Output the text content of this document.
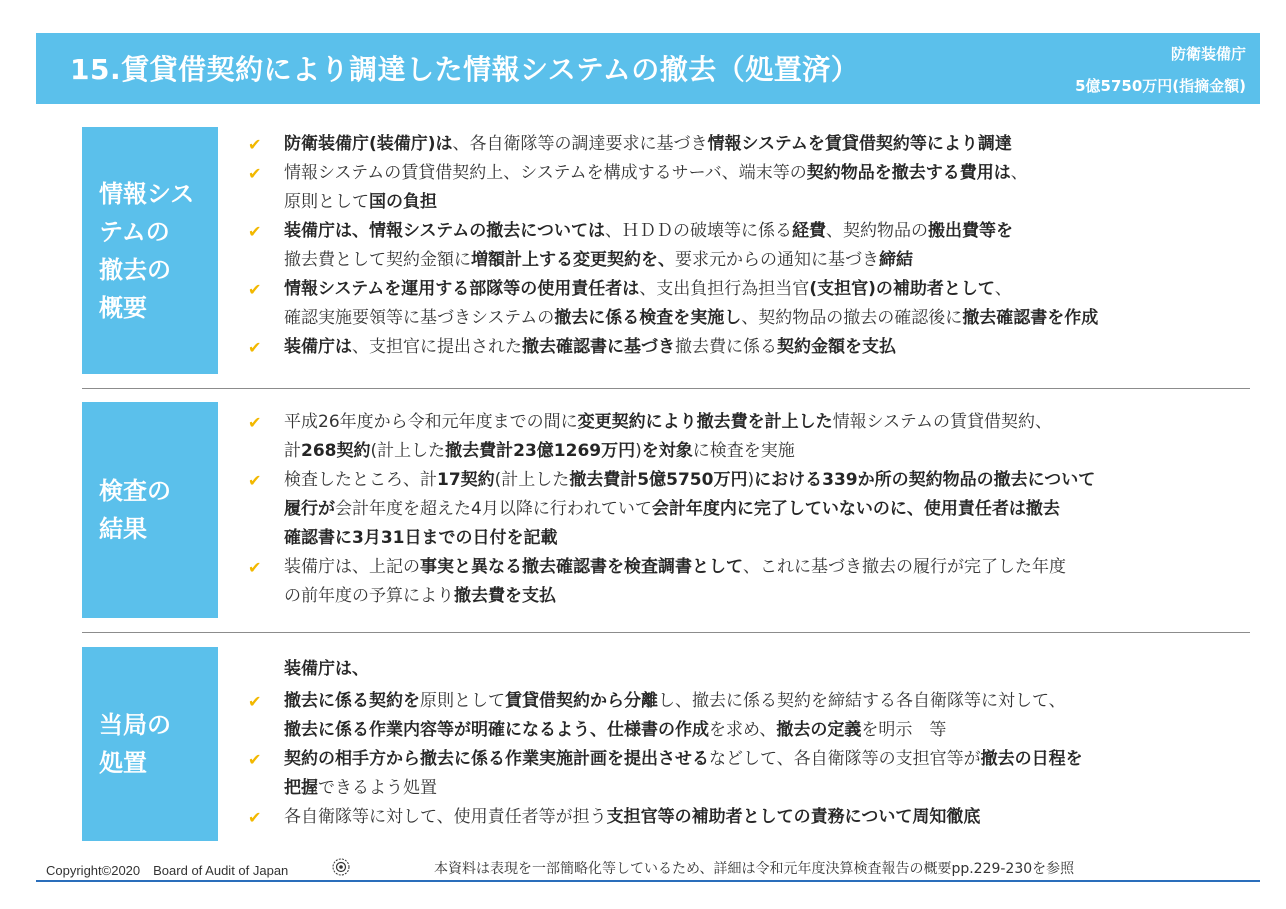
15.賃貸借契約により調達した情報システムの撤去（処置済）	防衛装備庁
5億5750万円(指摘金額)
情報シス
テムの
撤去の
概要
✔ 防衛装備庁(装備庁)は、各自衛隊等の調達要求に基づき情報システムを賃貸借契約等により調達
✔ 情報システムの賃貸借契約上、システムを構成するサーバ、端末等の契約物品を撤去する費用は、
原則として国の負担
✔ 装備庁は、情報システムの撤去については、ＨＤＤの破壊等に係る経費、契約物品の搬出費等を
撤去費として契約金額に増額計上する変更契約を、要求元からの通知に基づき締結
✔ 情報システムを運用する部隊等の使用責任者は、支出負担行為担当官(支担官)の補助者として、
確認実施要領等に基づきシステムの撤去に係る検査を実施し、契約物品の撤去の確認後に撤去確認書を作成
✔ 装備庁は、支担官に提出された撤去確認書に基づき撤去費に係る契約金額を支払
検査の
結果
✔ 平成26年度から令和元年度までの間に変更契約により撤去費を計上した情報システムの賃貸借契約、
計268契約(計上した撤去費計23億1269万円)を対象に検査を実施
✔ 検査したところ、計17契約(計上した撤去費計5億5750万円)における339か所の契約物品の撤去について
履行が会計年度を超えた4月以降に行われていて会計年度内に完了していないのに、使用責任者は撤去
確認書に3月31日までの日付を記載
✔ 装備庁は、上記の事実と異なる撤去確認書を検査調書として、これに基づき撤去の履行が完了した年度
の前年度の予算により撤去費を支払
当局の
処置
装備庁は、
✔ 撤去に係る契約を原則として賃貸借契約から分離し、撤去に係る契約を締結する各自衛隊等に対して、
撤去に係る作業内容等が明確になるよう、仕様書の作成を求め、撤去の定義を明示　等
✔ 契約の相手方から撤去に係る作業実施計画を提出させるなどして、各自衛隊等の支担官等が撤去の日程を
把握できるよう処置
✔ 各自衛隊等に対して、使用責任者等が担う支担官等の補助者としての責務について周知徹底
Copyright©2020　Board of Audit of Japan	本資料は表現を一部簡略化等しているため、詳細は令和元年度決算検査報告の概要pp.229-230を参照
